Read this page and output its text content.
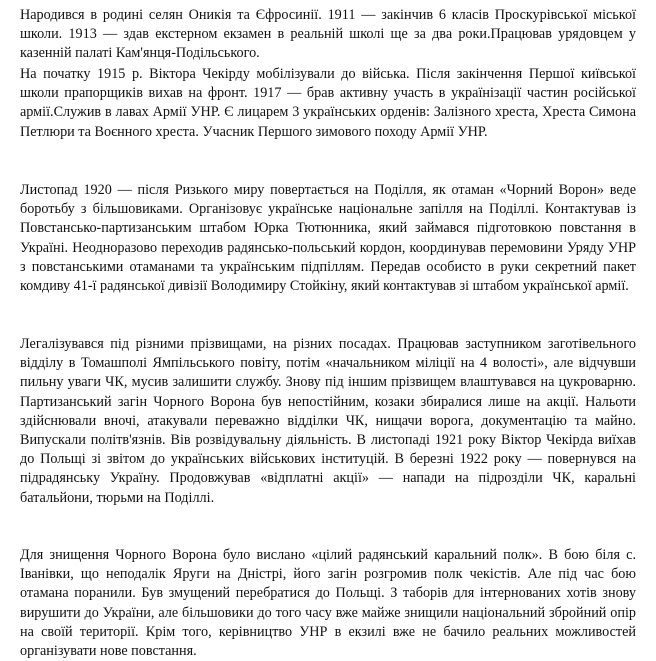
Народився в родині селян Оникія та Єфросинії. 1911 — закінчив 6 класів Проскурівської міської школи. 1913 — здав екстерном екзамен в реальній школі ще за два роки.Працював урядовцем у казенній палаті Кам'янця-Подільського.

На початку 1915 р. Віктора Чекірду мобілізували до війська. Після закінчення Першої київської школи прапорщиків вихав на фронт. 1917 — брав активну участь в українізації частин російської армії.Служив в лавах Армії УНР. Є лицарем 3 українських орденів: Залізного хреста, Хреста Симона Петлюри та Воєнного хреста. Учасник Першого зимового походу Армії УНР.

Листопад 1920 — після Ризького миру повертається на Поділля, як отаман «Чорний Ворон» веде боротьбу з більшовиками. Організовує українське національне запілля на Поділлі. Контактував із Повстансько-партизанським штабом Юрка Тютюнника, який займався підготовкою повстання в Україні. Неодноразово переходив радянсько-польський кордон, координував перемовини Уряду УНР з повстанськими отаманами та українським підпіллям. Передав особисто в руки секретний пакет комдиву 41-ї радянської дивізії Володимиру Стойкіну, який контактував зі штабом української армії.

Легалізувався під різними прізвищами, на різних посадах. Працював заступником заготівельного відділу в Томашполі Ямпільського повіту, потім «начальником міліції на 4 волості», але відчувши пильну уваги ЧК, мусив залишити службу. Знову під іншим прізвищем влаштувався на цукроварню. Партизанський загін Чорного Ворона був непостійним, козаки збиралися лише на акції. Нальоти здійснювали вночі, атакували переважно відділки ЧК, нищачи ворога, документацію та майно. Випускали політв'язнів. Вів розвідувальну діяльність. В листопаді 1921 року Віктор Чекірда виїхав до Польщі зі звітом до українських військових інституцій. В березні 1922 року — повернувся на підрадянську Україну. Продовжував «відплатні акції» — напади на підрозділи ЧК, каральні батальйони, тюрьми на Поділлі.

Для знищення Чорного Ворона було вислано «цілий радянський каральний полк». В бою біля с. Іванівки, що неподалік Яруги на Дністрі, його загін розгромив полк чекістів. Але під час бою отамана поранили. Був змущений перебратися до Польщі. З таборів для інтернованих хотів знову вирушити до України, але більшовики до того часу вже майже знищили національний збройний опір на своїй території. Крім того, керівництво УНР в екзилі вже не бачило реальних можливостей організувати нове повстання.
